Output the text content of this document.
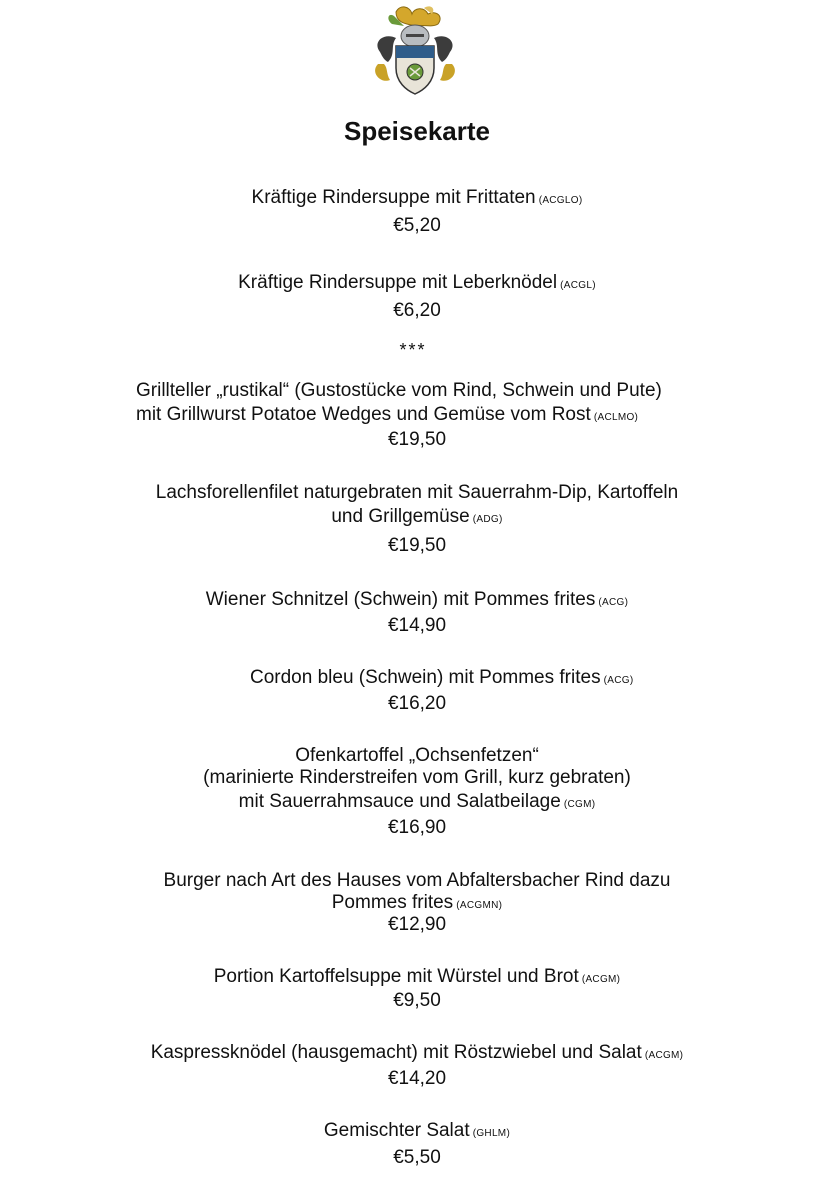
Speisekarte
Kräftige Rindersuppe mit Frittaten (ACGLO)
€5,20
Kräftige Rindersuppe mit Leberknödel (ACGL)
€6,20
Grillteller „rustikal“ (Gustostücke vom Rind, Schwein und Pute)
mit Grillwurst Potatoe Wedges und Gemüse vom Rost (ACLMO)
€19,50
Lachsforellenfilet naturgebraten mit Sauerrahm-Dip, Kartoffeln
und Grillgemüse (ADG)
€19,50
Wiener Schnitzel (Schwein) mit Pommes frites (ACG)
€14,90
Cordon bleu (Schwein) mit Pommes frites (ACG)
€16,20
Ofenkartoffel „Ochsenfetzen“
(marinierte Rinderstreifen vom Grill, kurz gebraten)
mit Sauerrahmsauce und Salatbeilage (CGM)
€16,90
Burger nach Art des Hauses vom Abfaltersbacher Rind dazu
Pommes frites (ACGMN)
€12,90
Portion Kartoffelsuppe mit Würstel und Brot (ACGM)
€9,50
Kaspressknödel (hausgemacht) mit Röstzwiebel und Salat (ACGM)
€14,20
Gemischter Salat (GHLM)
€5,50
***
